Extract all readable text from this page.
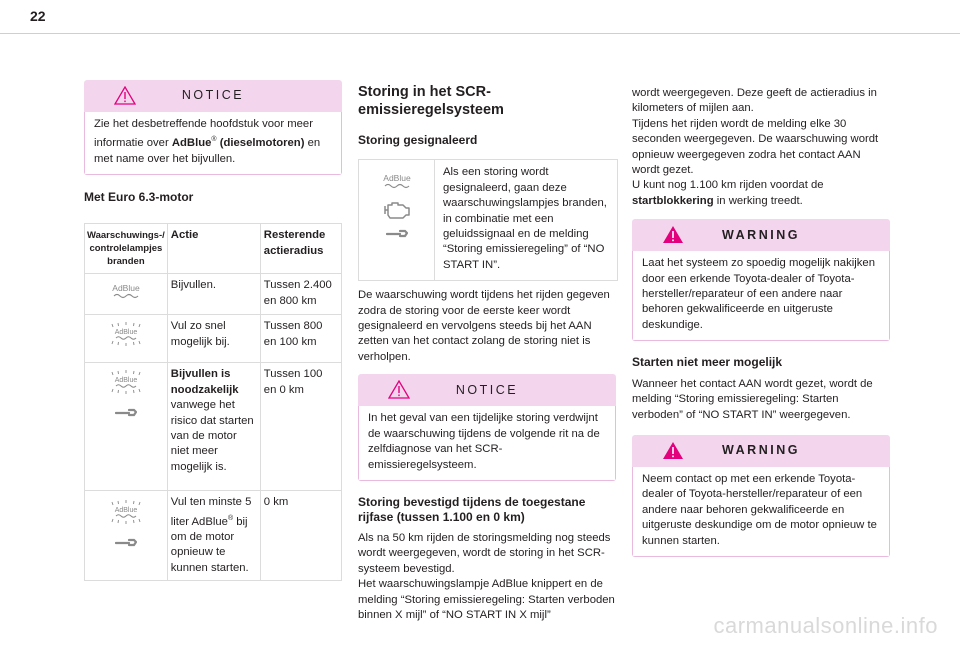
22
NOTICE

Zie het desbetreffende hoofdstuk voor meer informatie over AdBlue® (dieselmotoren) en met name over het bijvullen.

Met Euro 6.3-motor

Waarschuwings-/ controlelampjes branden	Actie	Resterende actieradius

AdBlue	Bijvullen.	Tussen 2.400 en 800 km

AdBlue	Vul zo snel mogelijk bij.	Tussen 800 en 100 km

AdBlue	Bijvullen is noodzakelijk vanwege het risico dat starten van de motor niet meer mogelijk is.	Tussen 100 en 0 km

AdBlue	Vul ten minste 5 liter AdBlue® bij om de motor opnieuw te kunnen starten.	0 km

Storing in het SCR-emissieregelsysteem

Storing gesignaleerd

AdBlue	Als een storing wordt gesignaleerd, gaan deze waarschuwingslampjes branden, in combinatie met een geluidssignaal en de melding “Storing emissieregeling” of “NO START IN”.

De waarschuwing wordt tijdens het rijden gegeven zodra de storing voor de eerste keer wordt gesignaleerd en vervolgens steeds bij het AAN zetten van het contact zolang de storing niet is verholpen.

NOTICE

In het geval van een tijdelijke storing verdwijnt de waarschuwing tijdens de volgende rit na de zelfdiagnose van het SCR-emissieregelsysteem.

Storing bevestigd tijdens de toegestane rijfase (tussen 1.100 en 0 km)

Als na 50 km rijden de storingsmelding nog steeds wordt weergegeven, wordt de storing in het SCR-systeem bevestigd.

Het waarschuwingslampje AdBlue knippert en de melding “Storing emissieregeling: Starten verboden binnen X mijl” of “NO START IN X mijl”

wordt weergegeven. Deze geeft de actieradius in kilometers of mijlen aan.

Tijdens het rijden wordt de melding elke 30 seconden weergegeven. De waarschuwing wordt opnieuw weergegeven zodra het contact AAN wordt gezet.

U kunt nog 1.100 km rijden voordat de startblokkering in werking treedt.

WARNING

Laat het systeem zo spoedig mogelijk nakijken door een erkende Toyota-dealer of Toyota-hersteller/reparateur of een andere naar behoren gekwalificeerde en uitgeruste deskundige.

Starten niet meer mogelijk

Wanneer het contact AAN wordt gezet, wordt de melding “Storing emissieregeling: Starten verboden” of “NO START IN” weergegeven.

WARNING

Neem contact op met een erkende Toyota-dealer of Toyota-hersteller/reparateur of een andere naar behoren gekwalificeerde en uitgeruste deskundige om de motor opnieuw te kunnen starten.

carmanualsonline.info
